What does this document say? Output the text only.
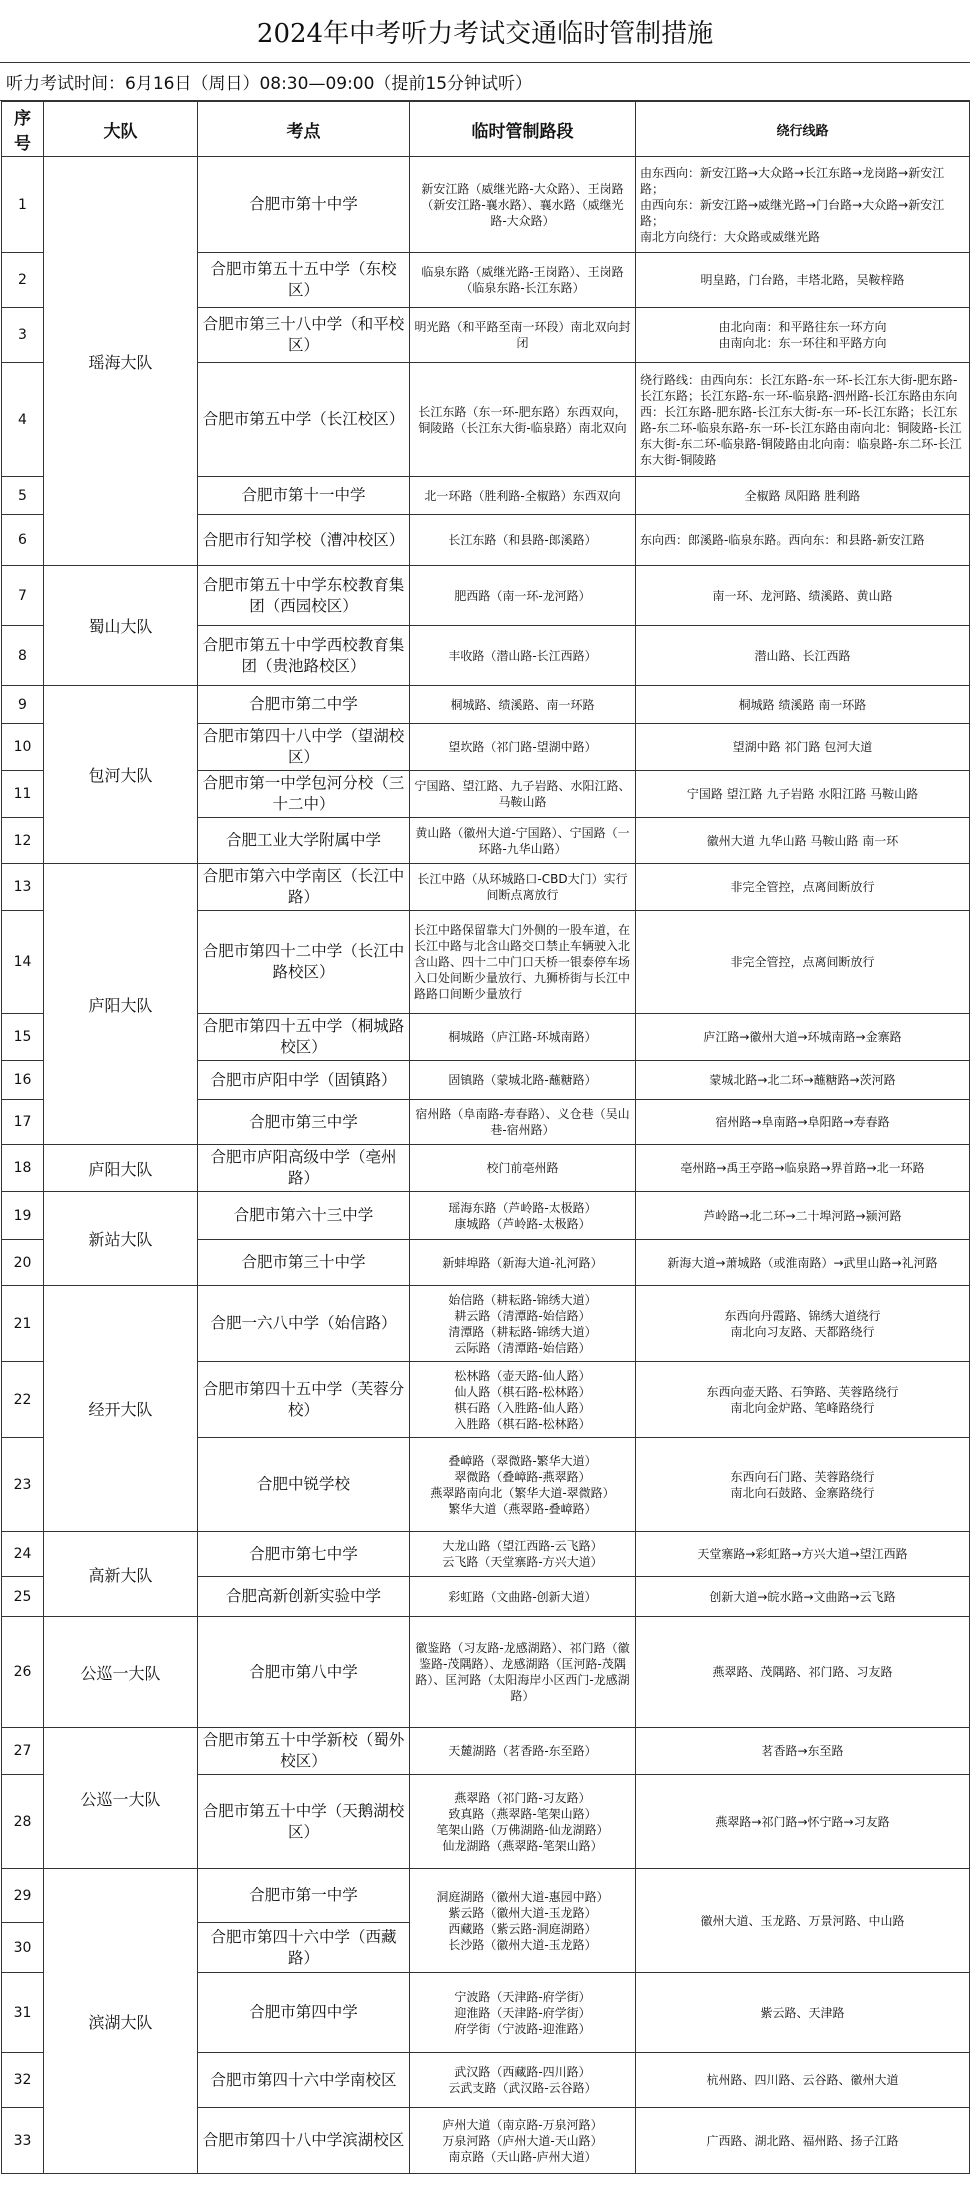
2024年中考听力考试交通临时管制措施
听力考试时间：6月16日（周日）08:30—09:00（提前15分钟试听）
序号	大队	考点	临时管制路段	绕行线路
1	瑶海大队	合肥市第十中学	新安江路（威继光路-大众路）、王岗路（新安江路-襄水路）、襄水路（威继光路-大众路）	由东西向：新安江路→大众路→长江东路→龙岗路→新安江路；
由西向东：新安江路→威继光路→门台路→大众路→新安江路；
南北方向绕行：大众路或威继光路
2		合肥市第五十五中学（东校区）	临泉东路（威继光路-王岗路）、王岗路（临泉东路-长江东路）	明皇路，门台路，丰塔北路，吴鞍梓路
3		合肥市第三十八中学（和平校区）	明光路（和平路至南一环段）南北双向封闭	由北向南：和平路往东一环方向
由南向北：东一环往和平路方向
4		合肥市第五中学（长江校区）	长江东路（东一环-肥东路）东西双向，铜陵路（长江东大街-临泉路）南北双向	绕行路线：由西向东：长江东路-东一环-长江东大街-肥东路-长江东路；长江东路-东一环-临泉路-泗州路-长江东路由东向西：长江东路-肥东路-长江东大街-东一环-长江东路；长江东路-东二环-临泉东路-东一环-长江东路由南向北：铜陵路-长江东大街-东二环-临泉路-铜陵路由北向南：临泉路-东二环-长江东大街-铜陵路
5		合肥市第十一中学	北一环路（胜利路-全椒路）东西双向	全椒路 凤阳路 胜利路
6		合肥市行知学校（漕冲校区）	长江东路（和县路-郎溪路）	东向西：郎溪路-临泉东路。西向东：和县路-新安江路
7	蜀山大队	合肥市第五十中学东校教育集团（西园校区）	肥西路（南一环-龙河路）	南一环、龙河路、绩溪路、黄山路
8		合肥市第五十中学西校教育集团（贵池路校区）	丰收路（潜山路-长江西路）	潜山路、长江西路
9	包河大队	合肥市第二中学	桐城路、绩溪路、南一环路	桐城路 绩溪路 南一环路
10		合肥市第四十八中学（望湖校区）	望坎路（祁门路-望湖中路）	望湖中路 祁门路 包河大道
11		合肥市第一中学包河分校（三十二中）	宁国路、望江路、九子岩路、水阳江路、马鞍山路	宁国路 望江路 九子岩路 水阳江路 马鞍山路
12		合肥工业大学附属中学	黄山路（徽州大道-宁国路）、宁国路（一环路-九华山路）	徽州大道 九华山路 马鞍山路 南一环
13	庐阳大队	合肥市第六中学南区（长江中路）	长江中路（从环城路口-CBD大门）实行间断点离放行	非完全管控，点离间断放行
14		合肥市第四十二中学（长江中路校区）	长江中路保留靠大门外侧的一股车道，在长江中路与北含山路交口禁止车辆驶入北含山路、四十二中门口天桥一银泰停车场入口处间断少量放行、九狮桥街与长江中路路口间断少量放行	非完全管控，点离间断放行
15		合肥市第四十五中学（桐城路校区）	桐城路（庐江路-环城南路）	庐江路→徽州大道→环城南路→金寨路
16		合肥市庐阳中学（固镇路）	固镇路（蒙城北路-蘸糖路）	蒙城北路→北二环→蘸糖路→茨河路
17		合肥市第三中学	宿州路（阜南路-寿春路）、义仓巷（吴山巷-宿州路）	宿州路→阜南路→阜阳路→寿春路
18	庐阳大队	合肥市庐阳高级中学（亳州路）	校门前亳州路	亳州路→禹王亭路→临泉路→界首路→北一环路
19	新站大队	合肥市第六十三中学	瑶海东路（芦岭路-太极路）
康城路（芦岭路-太极路）	芦岭路→北二环→二十埠河路→颍河路
20		合肥市第三十中学	新蚌埠路（新海大道-礼河路）	新海大道→萧城路（或淮南路）→武里山路→礼河路
21	经开大队	合肥一六八中学（始信路）	始信路（耕耘路-锦绣大道）
耕云路（清潭路-始信路）
清潭路（耕耘路-锦绣大道）
云际路（清潭路-始信路）	东西向丹霞路、锦绣大道绕行
南北向习友路、天都路绕行
22		合肥市第四十五中学（芙蓉分校）	松林路（壶天路-仙人路）
仙人路（棋石路-松林路）
棋石路（入胜路-仙人路）
入胜路（棋石路-松林路）	东西向壶天路、石笋路、芙蓉路绕行
南北向金炉路、笔峰路绕行
23		合肥中锐学校	叠嶂路（翠微路-繁华大道）
翠微路（叠嶂路-燕翠路）
燕翠路南向北（繁华大道-翠微路）
繁华大道（燕翠路-叠嶂路）	东西向石门路、芙蓉路绕行
南北向石鼓路、金寨路绕行
24	高新大队	合肥市第七中学	大龙山路（望江西路-云飞路）
云飞路（天堂寨路-方兴大道）	天堂寨路→彩虹路→方兴大道→望江西路
25		合肥高新创新实验中学	彩虹路（文曲路-创新大道）	创新大道→皖水路→文曲路→云飞路
26	公巡一大队	合肥市第八中学	徽鉴路（习友路-龙感湖路）、祁门路（徽鉴路-茂隅路）、龙感湖路（匡河路-茂隅路）、匡河路（太阳海岸小区西门-龙感湖路）	燕翠路、茂隅路、祁门路、习友路
27	公巡一大队	合肥市第五十中学新校（蜀外校区）	天麓湖路（茗香路-东至路）	茗香路→东至路
28		合肥市第五十中学（天鹅湖校区）	燕翠路（祁门路-习友路）
致真路（燕翠路-笔架山路）
笔架山路（万佛湖路-仙龙湖路）
仙龙湖路（燕翠路-笔架山路）	燕翠路→祁门路→怀宁路→习友路
29	滨湖大队	合肥市第一中学	洞庭湖路（徽州大道-惠园中路）
紫云路（徽州大道-玉龙路）
西藏路（紫云路-洞庭湖路）
长沙路（徽州大道-玉龙路）	徽州大道、玉龙路、万景河路、中山路
30		合肥市第四十六中学（西藏路）		
31		合肥市第四中学	宁波路（天津路-府学街）
迎淮路（天津路-府学街）
府学街（宁波路-迎淮路）	紫云路、天津路
32		合肥市第四十六中学南校区	武汉路（西藏路-四川路）
云武支路（武汉路-云谷路）	杭州路、四川路、云谷路、徽州大道
33		合肥市第四十八中学滨湖校区	庐州大道（南京路-万泉河路）
万泉河路（庐州大道-天山路）
南京路（天山路-庐州大道）	广西路、湖北路、福州路、扬子江路
